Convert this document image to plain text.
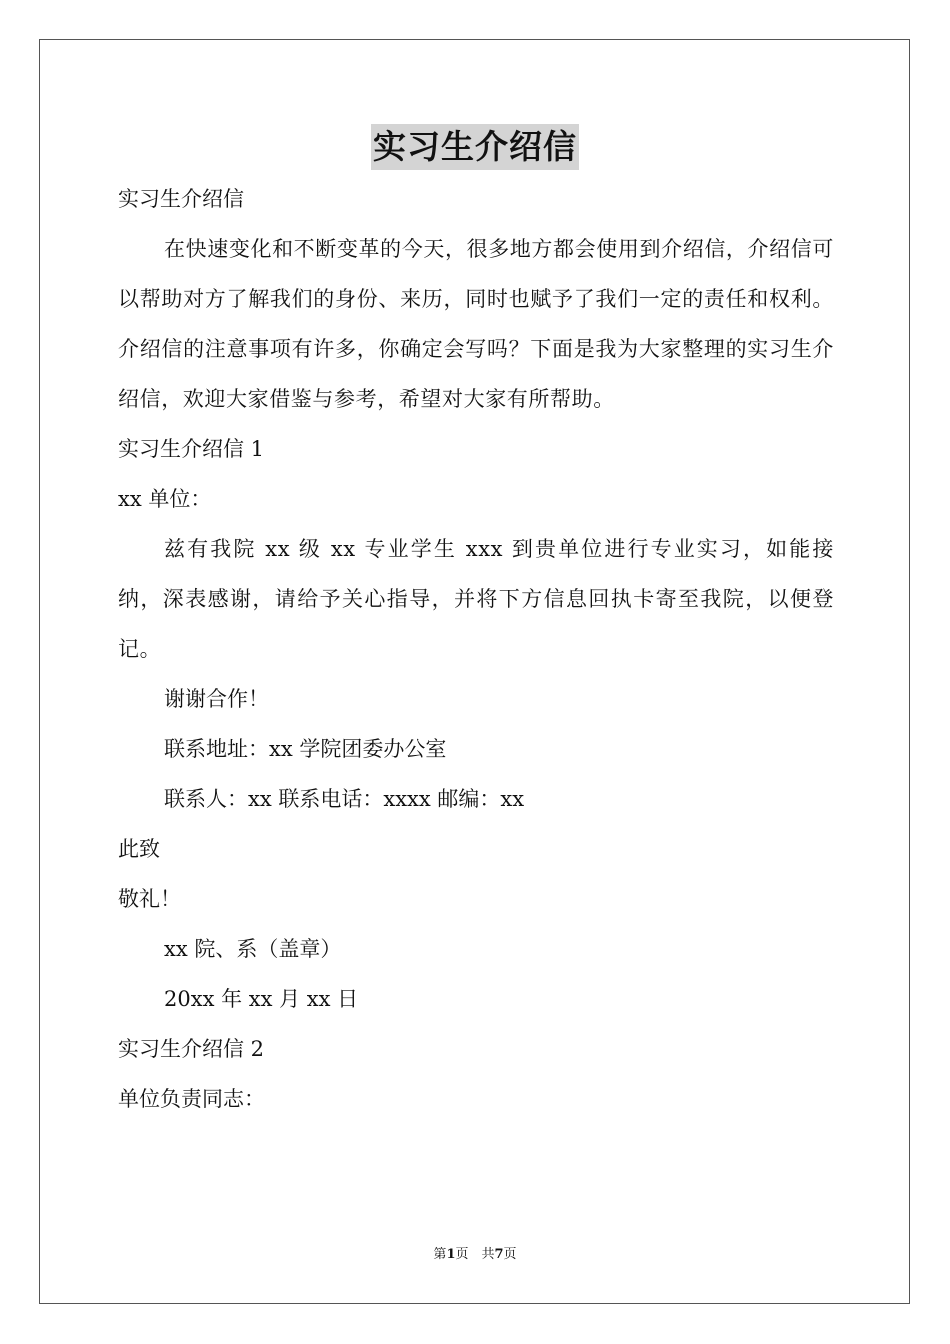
实习生介绍信
实习生介绍信
在快速变化和不断变革的今天，很多地方都会使用到介绍信，介绍信可以帮助对方了解我们的身份、来历，同时也赋予了我们一定的责任和权利。介绍信的注意事项有许多，你确定会写吗？下面是我为大家整理的实习生介绍信，欢迎大家借鉴与参考，希望对大家有所帮助。
实习生介绍信 1
xx 单位：
兹有我院 xx 级 xx 专业学生 xxx 到贵单位进行专业实习，如能接纳，深表感谢，请给予关心指导，并将下方信息回执卡寄至我院，以便登记。
谢谢合作！
联系地址：xx 学院团委办公室
联系人：xx 联系电话：xxxx 邮编：xx
此致
敬礼！
xx 院、系（盖章）
20xx 年 xx 月 xx 日
实习生介绍信 2
单位负责同志：
第1页　共7页
